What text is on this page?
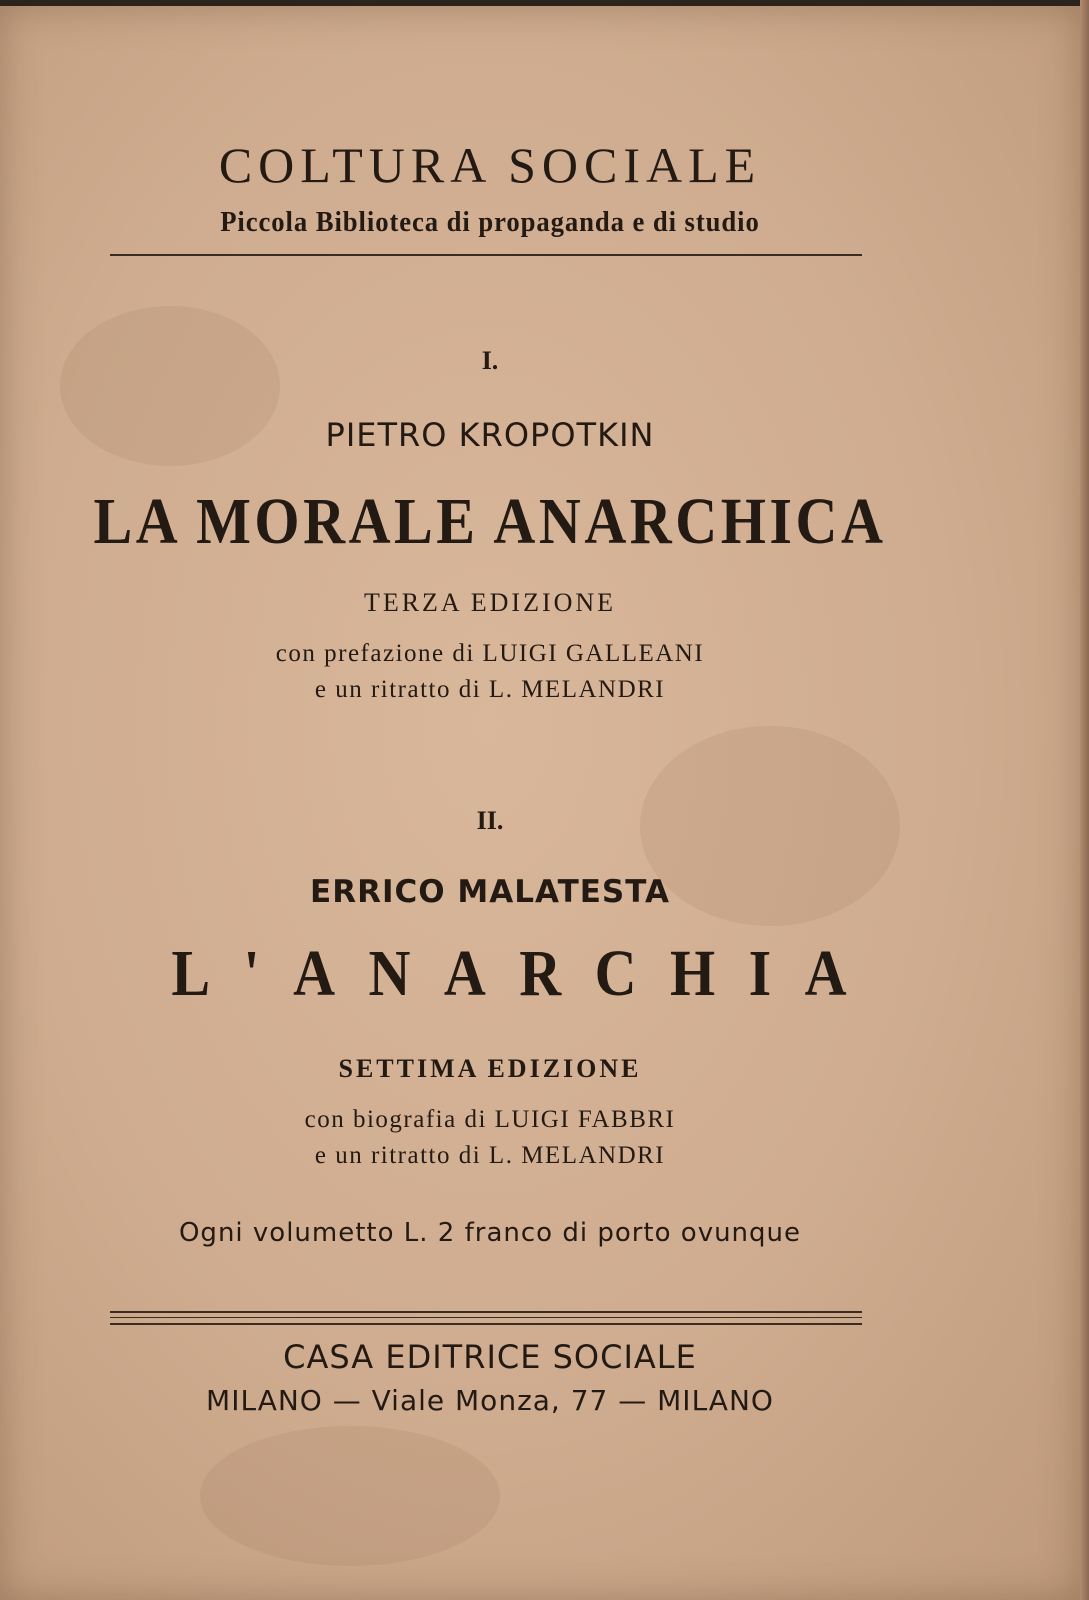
COLTURA SOCIALE
Piccola Biblioteca di propaganda e di studio
I.
PIETRO KROPOTKIN
LA MORALE ANARCHICA
TERZA EDIZIONE
con prefazione di LUIGI GALLEANI
e un ritratto di L. MELANDRI
II.
ERRICO MALATESTA
L'ANARCHIA
SETTIMA EDIZIONE
con biografia di LUIGI FABBRI
e un ritratto di L. MELANDRI
Ogni volumetto L. 2 franco di porto ovunque
CASA EDITRICE SOCIALE
MILANO — Viale Monza, 77 — MILANO
